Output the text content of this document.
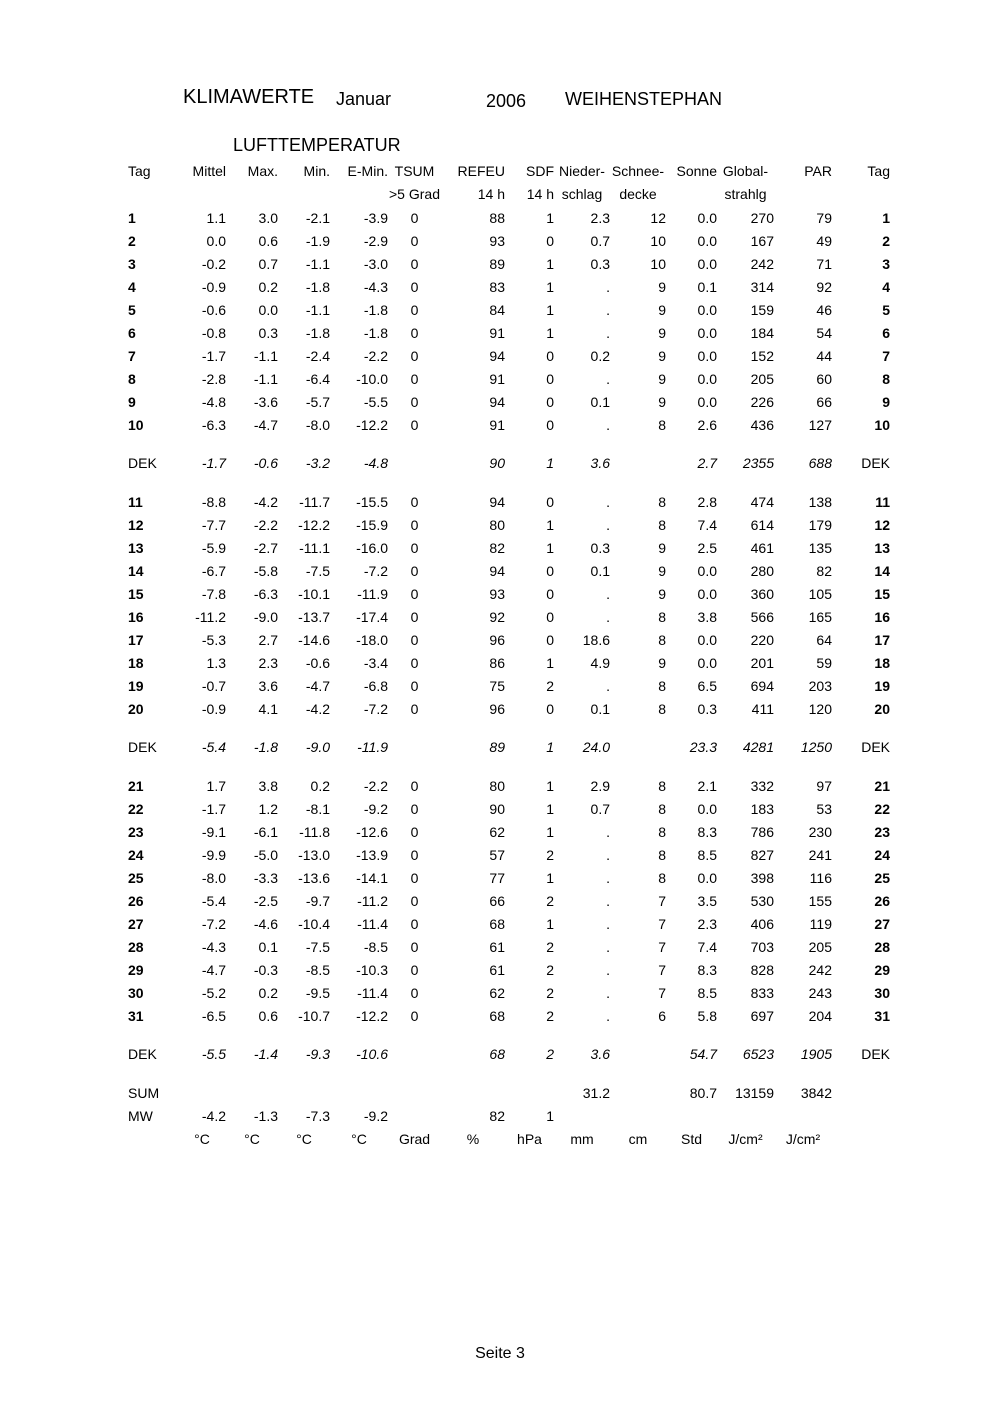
KLIMAWERTE Januar	2006 WEIHENSTEPHAN
LUFTTEMPERATUR
Tag	Mittel	Max.	Min.	E-Min.	TSUM	REFEU	SDF	Nieder-	Schnee-	Sonne	Global-	PAR	Tag
					>5 Grad	14 h	14 h	schlag	decke		strahlg		
1	1.1	3.0	-2.1	-3.9	0	88	1	2.3	12	0.0	270	79	1
2	0.0	0.6	-1.9	-2.9	0	93	0	0.7	10	0.0	167	49	2
3	-0.2	0.7	-1.1	-3.0	0	89	1	0.3	10	0.0	242	71	3
4	-0.9	0.2	-1.8	-4.3	0	83	1	.	9	0.1	314	92	4
5	-0.6	0.0	-1.1	-1.8	0	84	1	.	9	0.0	159	46	5
6	-0.8	0.3	-1.8	-1.8	0	91	1	.	9	0.0	184	54	6
7	-1.7	-1.1	-2.4	-2.2	0	94	0	0.2	9	0.0	152	44	7
8	-2.8	-1.1	-6.4	-10.0	0	91	0	.	9	0.0	205	60	8
9	-4.8	-3.6	-5.7	-5.5	0	94	0	0.1	9	0.0	226	66	9
10	-6.3	-4.7	-8.0	-12.2	0	91	0	.	8	2.6	436	127	10

DEK	-1.7	-0.6	-3.2	-4.8		90	1	3.6		2.7	2355	688	DEK

11	-8.8	-4.2	-11.7	-15.5	0	94	0	.	8	2.8	474	138	11
12	-7.7	-2.2	-12.2	-15.9	0	80	1	.	8	7.4	614	179	12
13	-5.9	-2.7	-11.1	-16.0	0	82	1	0.3	9	2.5	461	135	13
14	-6.7	-5.8	-7.5	-7.2	0	94	0	0.1	9	0.0	280	82	14
15	-7.8	-6.3	-10.1	-11.9	0	93	0	.	9	0.0	360	105	15
16	-11.2	-9.0	-13.7	-17.4	0	92	0	.	8	3.8	566	165	16
17	-5.3	2.7	-14.6	-18.0	0	96	0	18.6	8	0.0	220	64	17
18	1.3	2.3	-0.6	-3.4	0	86	1	4.9	9	0.0	201	59	18
19	-0.7	3.6	-4.7	-6.8	0	75	2	.	8	6.5	694	203	19
20	-0.9	4.1	-4.2	-7.2	0	96	0	0.1	8	0.3	411	120	20

DEK	-5.4	-1.8	-9.0	-11.9		89	1	24.0		23.3	4281	1250	DEK

21	1.7	3.8	0.2	-2.2	0	80	1	2.9	8	2.1	332	97	21
22	-1.7	1.2	-8.1	-9.2	0	90	1	0.7	8	0.0	183	53	22
23	-9.1	-6.1	-11.8	-12.6	0	62	1	.	8	8.3	786	230	23
24	-9.9	-5.0	-13.0	-13.9	0	57	2	.	8	8.5	827	241	24
25	-8.0	-3.3	-13.6	-14.1	0	77	1	.	8	0.0	398	116	25
26	-5.4	-2.5	-9.7	-11.2	0	66	2	.	7	3.5	530	155	26
27	-7.2	-4.6	-10.4	-11.4	0	68	1	.	7	2.3	406	119	27
28	-4.3	0.1	-7.5	-8.5	0	61	2	.	7	7.4	703	205	28
29	-4.7	-0.3	-8.5	-10.3	0	61	2	.	7	8.3	828	242	29
30	-5.2	0.2	-9.5	-11.4	0	62	2	.	7	8.5	833	243	30
31	-6.5	0.6	-10.7	-12.2	0	68	2	.	6	5.8	697	204	31

DEK	-5.5	-1.4	-9.3	-10.6		68	2	3.6		54.7	6523	1905	DEK

SUM								31.2		80.7	13159	3842	
MW	-4.2	-1.3	-7.3	-9.2		82	1						
	°C	°C	°C	°C	Grad	%	hPa	mm	cm	Std	J/cm²	J/cm²	
Seite 3
